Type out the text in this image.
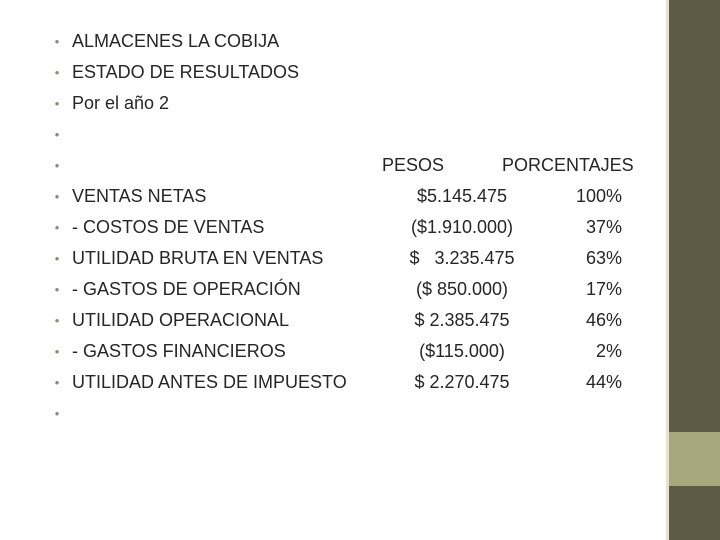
• ALMACENES LA COBIJA
• ESTADO DE RESULTADOS
• Por el año 2
•
•	PESOS	PORCENTAJES
• VENTAS NETAS	$5.145.475	100%
• - COSTOS DE VENTAS	($1.910.000)	37%
• UTILIDAD BRUTA EN VENTAS	$   3.235.475	63%
• - GASTOS DE OPERACIÓN	($ 850.000)	17%
• UTILIDAD OPERACIONAL	$ 2.385.475	46%
• - GASTOS FINANCIEROS	($115.000)	2%
• UTILIDAD ANTES DE IMPUESTO	$ 2.270.475	44%
•
